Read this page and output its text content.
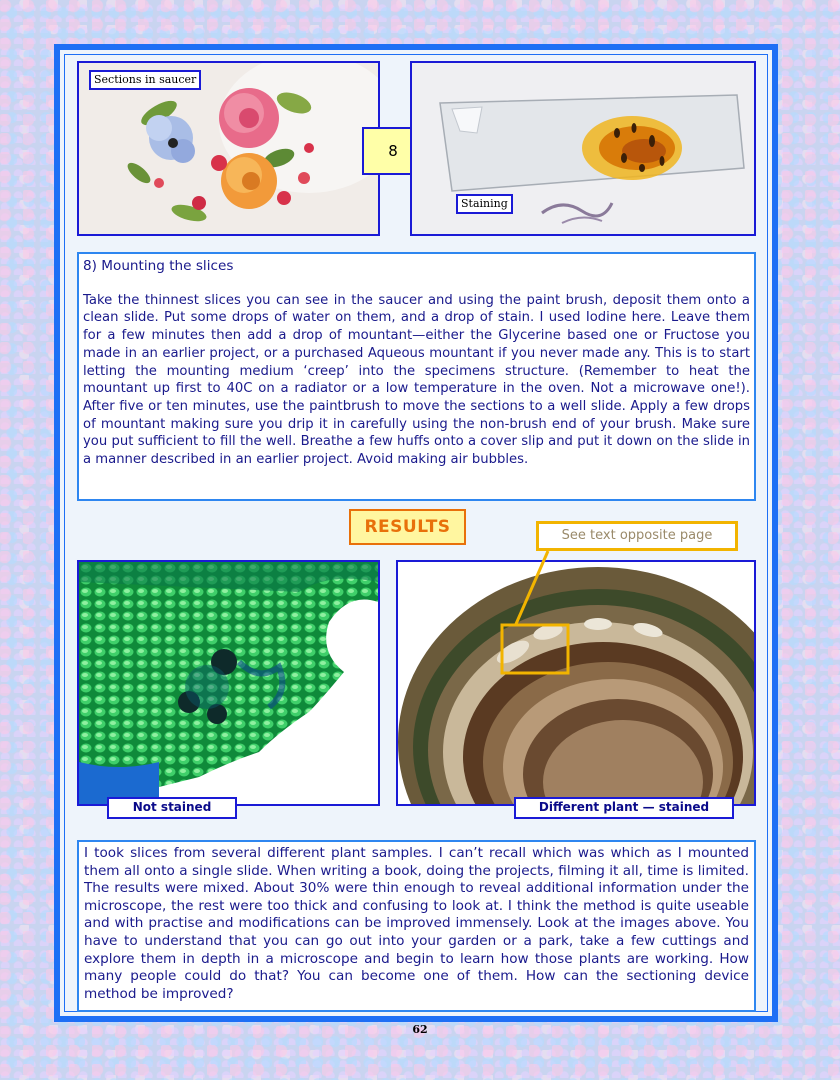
Sections in saucer
8
Staining
8) Mounting the slices

Take the thinnest slices you can see in the saucer and using the paint brush, deposit them onto a clean slide. Put some drops of water on them, and a drop of stain. I used Iodine here. Leave them for a few minutes then add a drop of mountant—either the Glycerine based one or Fructose you made in an earlier project, or a purchased Aqueous mountant if you never made any. This is to start letting the mounting medium ‘creep’ into the specimens structure. (Remember to heat the mountant up first to 40C on a radiator or a low temperature in the oven. Not a microwave one!). After five or ten minutes, use the paintbrush to move the sections to a well slide. Apply a few drops of mountant making sure you drip it in carefully using the non-brush end of your brush. Make sure you put sufficient to fill the well. Breathe a few huffs onto a cover slip and put it down on the slide in a manner described in an earlier project. Avoid making air bubbles.

RESULTS	See text opposite page
Not stained	Different plant — stained

I took slices from several different plant samples. I can’t recall which was which as I mounted them all onto a single slide. When writing a book, doing the projects, filming it all, time is limited. The results were mixed. About 30% were thin enough to reveal additional information under the microscope, the rest were too thick and confusing to look at. I think the method is quite useable and with practise and modifications can be improved immensely. Look at the images above. You have to understand that you can go out into your garden or a park, take a few cuttings and explore them in depth in a microscope and begin to learn how those plants are working. How many people could do that? You can become one of them. How can the sectioning device method be improved?

62
